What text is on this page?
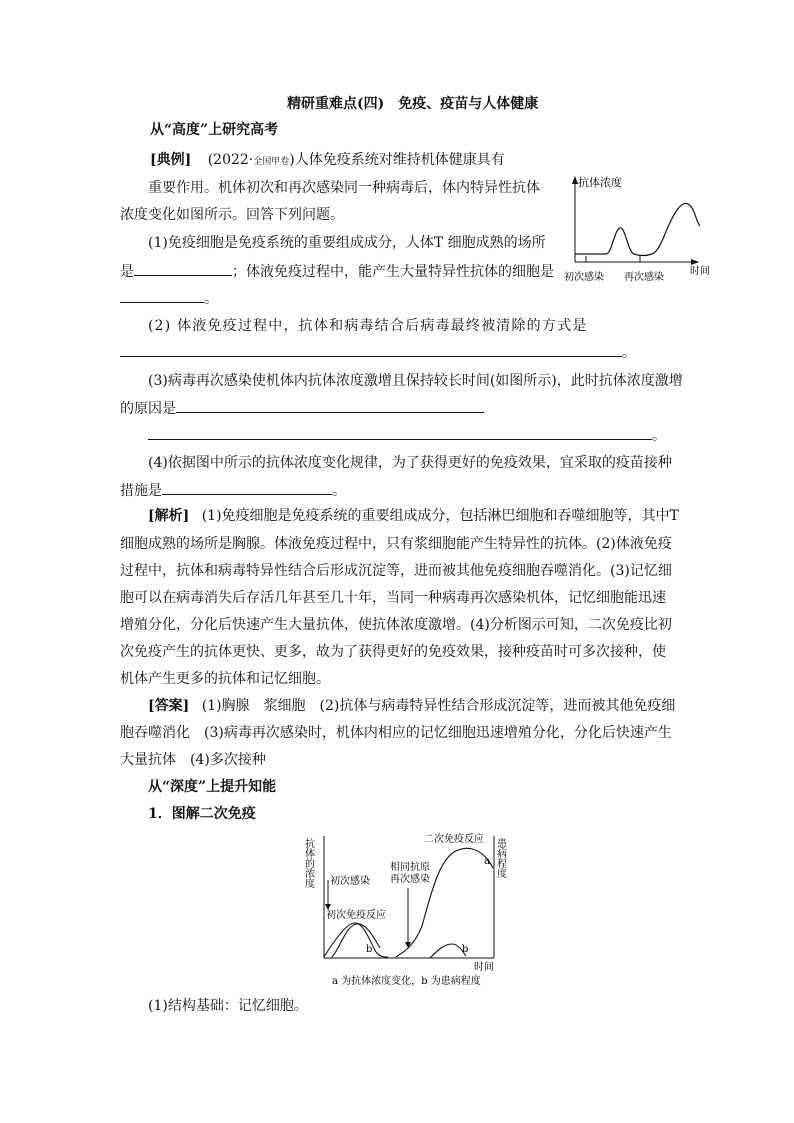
精研重难点(四)　免疫、疫苗与人体健康
从“高度”上研究高考
[典例] (2022·全国甲卷)人体免疫系统对维持机体健康具有
重要作用。机体初次和再次感染同一种病毒后，体内特异性抗体
浓度变化如图所示。回答下列问题。
抗体浓度
初次感染 再次感染
时间
(1)免疫细胞是免疫系统的重要组成成分，人体T 细胞成熟的场所
是	；体液免疫过程中，能产生大量特异性抗体的细胞是
。
(2) 体液免疫过程中，抗体和病毒结合后病毒最终被清除的方式是
。
(3)病毒再次感染使机体内抗体浓度激增且保持较长时间(如图所示)，此时抗体浓度激增
的原因是
。
(4)依据图中所示的抗体浓度变化规律，为了获得更好的免疫效果，宜采取的疫苗接种
措施是	。
[解析] (1)免疫细胞是免疫系统的重要组成成分，包括淋巴细胞和吞噬细胞等，其中T
细胞成熟的场所是胸腺。体液免疫过程中，只有浆细胞能产生特异性的抗体。(2)体液免疫
过程中，抗体和病毒特异性结合后形成沉淀等，进而被其他免疫细胞吞噬消化。(3)记忆细
胞可以在病毒消失后存活几年甚至几十年，当同一种病毒再次感染机体，记忆细胞能迅速
增殖分化，分化后快速产生大量抗体，使抗体浓度激增。(4)分析图示可知，二次免疫比初
次免疫产生的抗体更快、更多，故为了获得更好的免疫效果，接种疫苗时可多次接种，使
机体产生更多的抗体和记忆细胞。
[答案] (1)胸腺　浆细胞　(2)抗体与病毒特异性结合形成沉淀等，进而被其他免疫细
胞吞噬消化　(3)病毒再次感染时，机体内相应的记忆细胞迅速增殖分化，分化后快速产生
大量抗体　(4)多次接种
从“深度”上提升知能
1．图解二次免疫
抗体的浓度	患病程度
初次感染
初次免疫反应
b
相同抗原
再次感染
a
b
二次免疫反应
时间
a 为抗体浓度变化，b 为患病程度
(1)结构基础：记忆细胞。
